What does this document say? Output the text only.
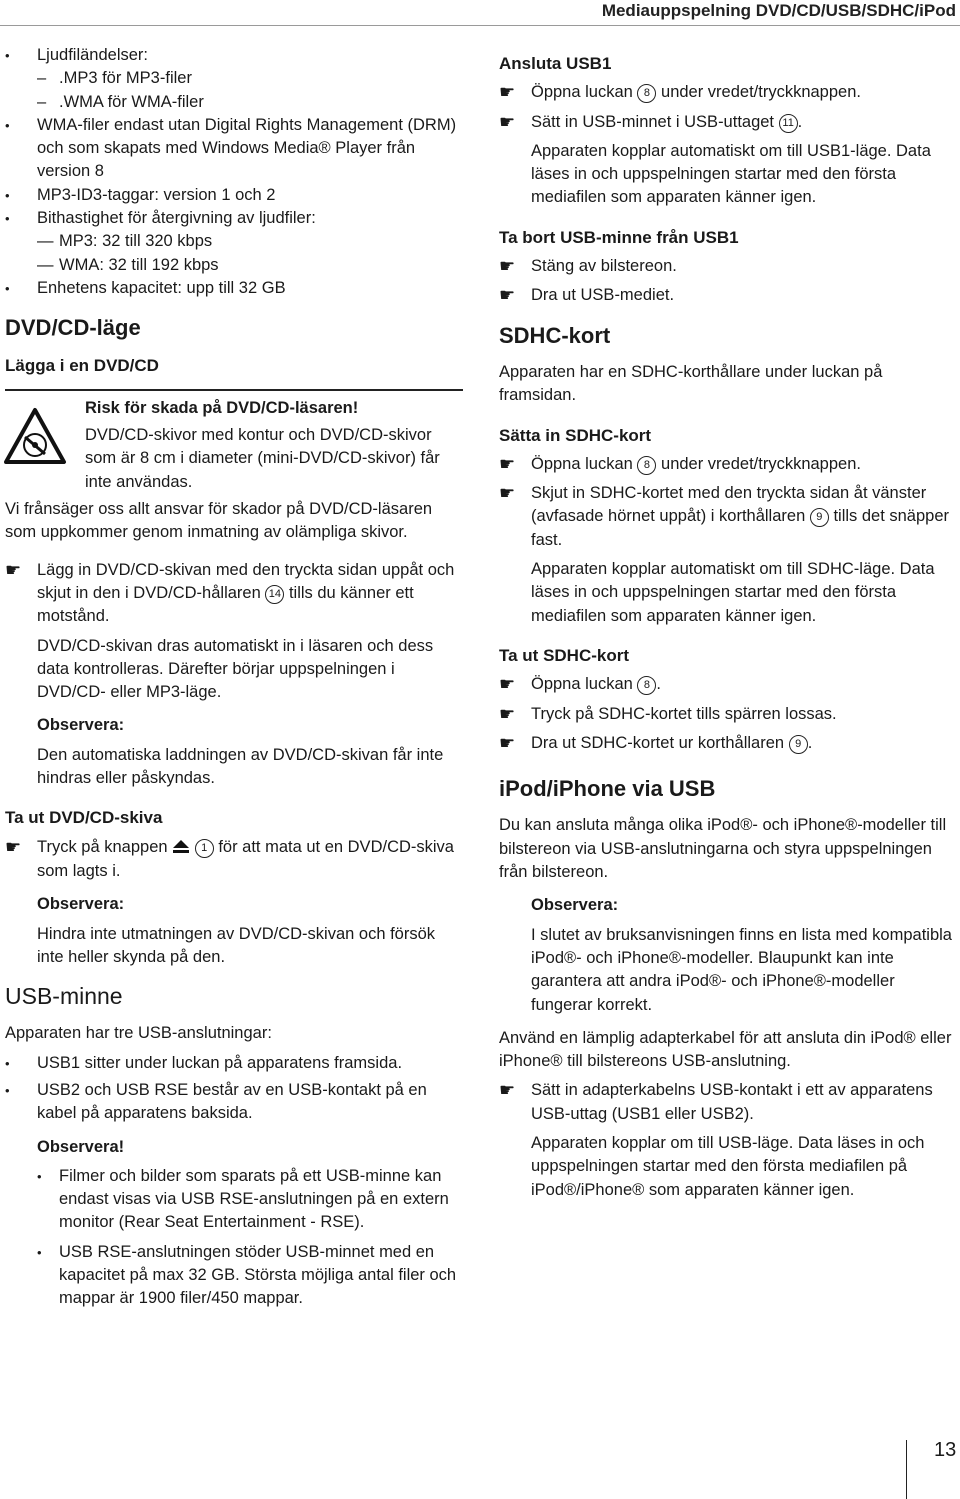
Mediauppspelning DVD/CD/USB/SDHC/iPod

• Ljudfiländelser:

– .MP3 för MP3-filer

– .WMA för WMA-filer

• WMA-filer endast utan Digital Rights Management (DRM) och som skapats med Windows Media® Player från version 8

• MP3-ID3-taggar: version 1 och 2

• Bithastighet för återgivning av ljudfiler:

— MP3: 32 till 320 kbps

— WMA: 32 till 192 kbps

• Enhetens kapacitet: upp till 32 GB

DVD/CD-läge

Lägga i en DVD/CD

Risk för skada på DVD/CD-läsaren!

DVD/CD-skivor med kontur och DVD/CD-skivor som är 8 cm i diameter (mini-DVD/CD-skivor) får inte användas.

Vi frånsäger oss allt ansvar för skador på DVD/CD-läsaren som uppkommer genom inmatning av olämpliga skivor.

☛ Lägg in DVD/CD-skivan med den tryckta sidan uppåt och skjut in den i DVD/CD-hållaren 14 tills du känner ett motstånd.

DVD/CD-skivan dras automatiskt in i läsaren och dess data kontrolleras. Därefter börjar uppspelningen i DVD/CD- eller MP3-läge.

Observera:

Den automatiska laddningen av DVD/CD-skivan får inte hindras eller påskyndas.

Ta ut DVD/CD-skiva

☛ Tryck på knappen	1 för att mata ut en DVD/CD-skiva som lagts i.

Observera:

Hindra inte utmatningen av DVD/CD-skivan och försök inte heller skynda på den.

USB-minne

Apparaten har tre USB-anslutningar:

• USB1 sitter under luckan på apparatens framsida.

• USB2 och USB RSE består av en USB-kontakt på en kabel på apparatens baksida.

Observera!

• Filmer och bilder som sparats på ett USB-minne kan endast visas via USB RSE-anslutningen på en extern monitor (Rear Seat Entertainment - RSE).

• USB RSE-anslutningen stöder USB-minnet med en kapacitet på max 32 GB. Största möjliga antal filer och mappar är 1900 filer/450 mappar.

Ansluta USB1

☛ Öppna luckan 8 under vredet/tryckknappen.

☛ Sätt in USB-minnet i USB-uttaget 11 .

Apparaten kopplar automatiskt om till USB1-läge. Data läses in och uppspelningen startar med den första mediafilen som apparaten känner igen.

Ta bort USB-minne från USB1

☛ Stäng av bilstereon.

☛ Dra ut USB-mediet.

SDHC-kort

Apparaten har en SDHC-korthållare under luckan på framsidan.

Sätta in SDHC-kort

☛ Öppna luckan 8 under vredet/tryckknappen.

☛ Skjut in SDHC-kortet med den tryckta sidan åt vänster (avfasade hörnet uppåt) i korthållaren 9 tills det snäpper fast.

Apparaten kopplar automatiskt om till SDHC-läge. Data läses in och uppspelningen startar med den första mediafilen som apparaten känner igen.

Ta ut SDHC-kort

☛ Öppna luckan 8 .

☛ Tryck på SDHC-kortet tills spärren lossas.

☛ Dra ut SDHC-kortet ur korthållaren 9 .

iPod/iPhone via USB

Du kan ansluta många olika iPod®- och iPhone®-modeller till bilstereon via USB-anslutningarna och styra uppspelningen från bilstereon.

Observera:

I slutet av bruksanvisningen finns en lista med kompatibla iPod®- och iPhone®-modeller. Blaupunkt kan inte garantera att andra iPod®- och iPhone®-modeller fungerar korrekt.

Använd en lämplig adapterkabel för att ansluta din iPod® eller iPhone® till bilstereons USB-anslutning.

☛ Sätt in adapterkabelns USB-kontakt i ett av apparatens USB-uttag (USB1 eller USB2).

Apparaten kopplar om till USB-läge. Data läses in och uppspelningen startar med den första mediafilen på iPod®/iPhone® som apparaten känner igen.

13
